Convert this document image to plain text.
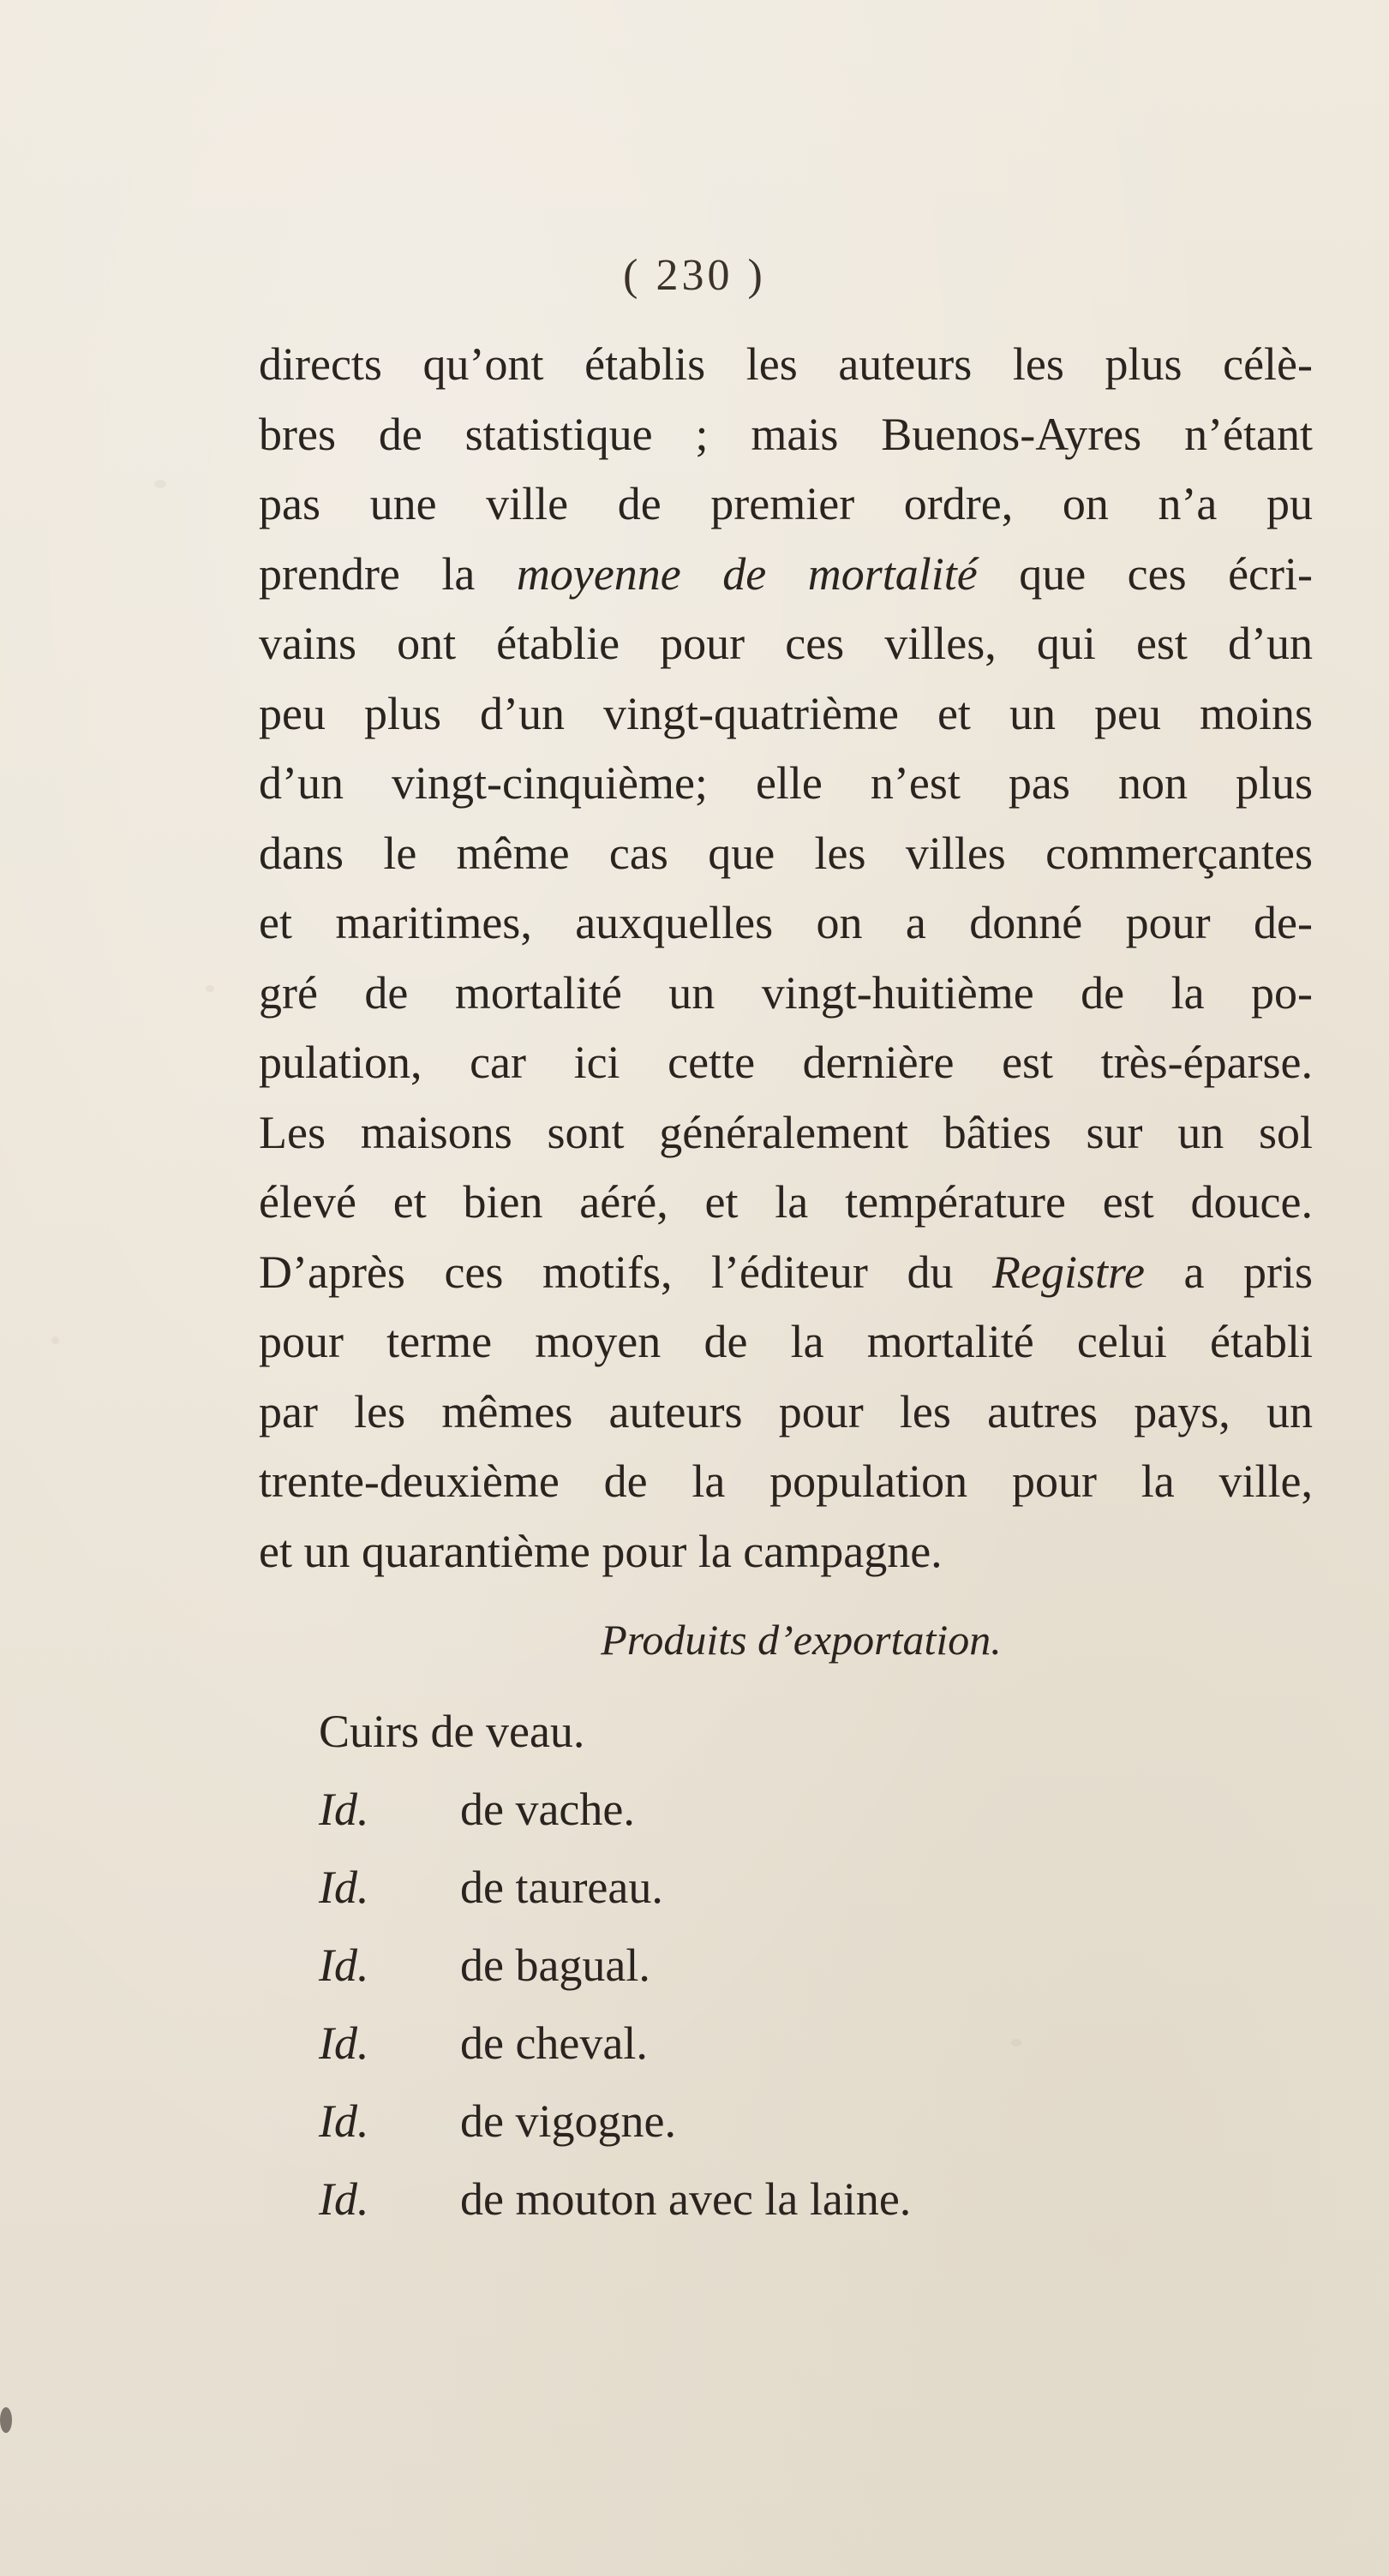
( 230 )
directs qu’ont établis les auteurs les plus célè-
bres de statistique ; mais Buenos-Ayres n’étant
pas une ville de premier ordre, on n’a pu
prendre la moyenne de mortalité que ces écri-
vains ont établie pour ces villes, qui est d’un
peu plus d’un vingt-quatrième et un peu moins
d’un vingt-cinquième; elle n’est pas non plus
dans le même cas que les villes commerçantes
et maritimes, auxquelles on a donné pour de-
gré de mortalité un vingt-huitième de la po-
pulation, car ici cette dernière est très-éparse.
Les maisons sont généralement bâties sur un sol
élevé et bien aéré, et la température est douce.
D’après ces motifs, l’éditeur du Registre a pris
pour terme moyen de la mortalité celui établi
par les mêmes auteurs pour les autres pays, un
trente-deuxième de la population pour la ville,
et un quarantième pour la campagne.
Produits d’exportation.
Cuirs de veau.
Id.	de vache.
Id.	de taureau.
Id.	de bagual.
Id.	de cheval.
Id.	de vigogne.
Id.	de mouton avec la laine.
